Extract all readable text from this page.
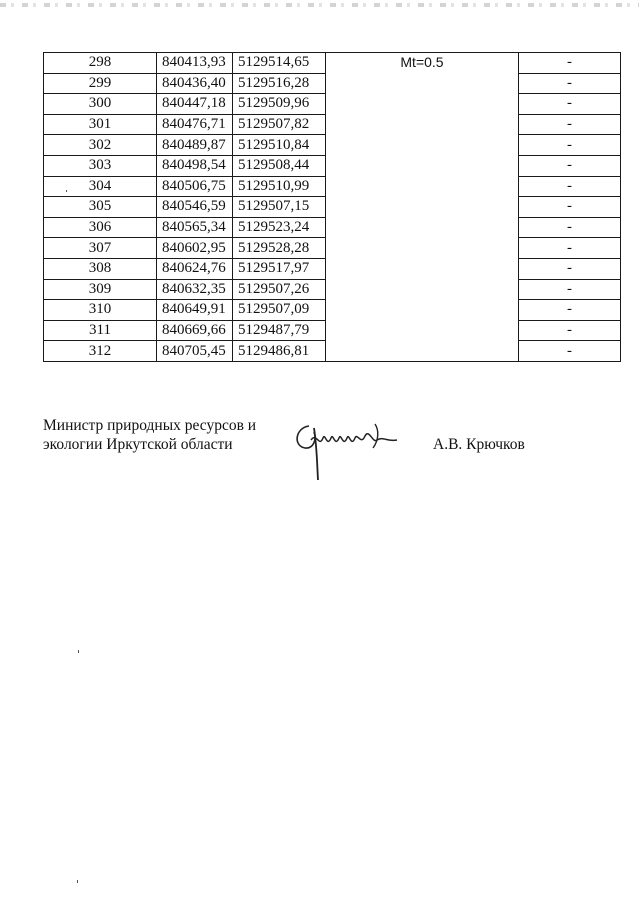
298	840413,93	5129514,65	Mt=0.5	-
299	840436,40	5129516,28		-
300	840447,18	5129509,96		-
301	840476,71	5129507,82		-
302	840489,87	5129510,84		-
303	840498,54	5129508,44		-
304	840506,75	5129510,99		-
305	840546,59	5129507,15		-
306	840565,34	5129523,24		-
307	840602,95	5129528,28		-
308	840624,76	5129517,97		-
309	840632,35	5129507,26		-
310	840649,91	5129507,09		-
311	840669,66	5129487,79		-
312	840705,45	5129486,81		-
Министр природных ресурсов и
экологии Иркутской области	А.В. Крючков
